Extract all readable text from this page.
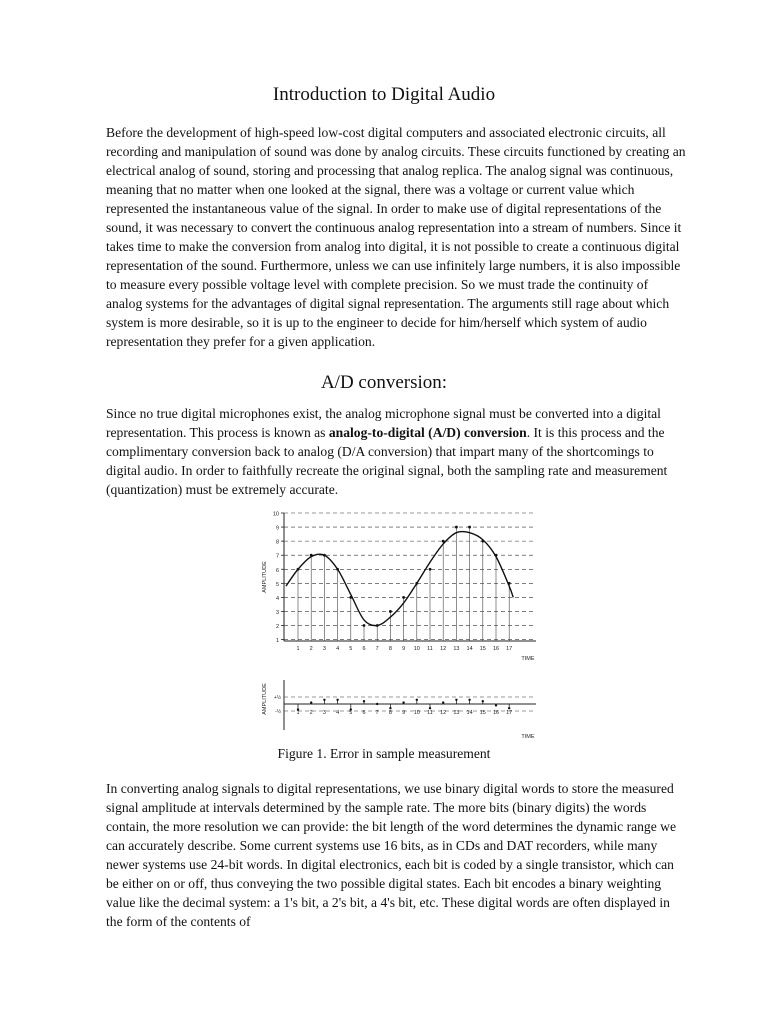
Introduction to Digital Audio

Before the development of high-speed low-cost digital computers and associated electronic circuits, all recording and manipulation of sound was done by analog circuits. These circuits functioned by creating an electrical analog of sound, storing and processing that analog replica. The analog signal was continuous, meaning that no matter when one looked at the signal, there was a voltage or current value which represented the instantaneous value of the signal. In order to make use of digital representations of the sound, it was necessary to convert the continuous analog representation into a stream of numbers. Since it takes time to make the conversion from analog into digital, it is not possible to create a continuous digital representation of the sound. Furthermore, unless we can use infinitely large numbers, it is also impossible to measure every possible voltage level with complete precision. So we must trade the continuity of analog systems for the advantages of digital signal representation. The arguments still rage about which system is more desirable, so it is up to the engineer to decide for him/herself which system of audio representation they prefer for a given application.

A/D conversion:

Since no true digital microphones exist, the analog microphone signal must be converted into a digital representation. This process is known as analog-to-digital (A/D) conversion. It is this process and the complimentary conversion back to analog (D/A conversion) that impart many of the shortcomings to digital audio. In order to faithfully recreate the original signal, both the sampling rate and measurement (quantization) must be extremely accurate.

1
2
3
4
5
6
7
8
9
10
AMPLITUDE
1 2 3 4 5 6 7 8 9 10 11 12 13 14 15 16 17
TIME
+½
-½
AMPLITUDE	1 2 3 4 5 6 7 8 9 10 11 12 13 14 15 16 17
TIME

Figure 1. Error in sample measurement

In converting analog signals to digital representations, we use binary digital words to store the measured signal amplitude at intervals determined by the sample rate. The more bits (binary digits) the words contain, the more resolution we can provide: the bit length of the word determines the dynamic range we can accurately describe. Some current systems use 16 bits, as in CDs and DAT recorders, while many newer systems use 24-bit words. In digital electronics, each bit is coded by a single transistor, which can be either on or off, thus conveying the two possible digital states. Each bit encodes a binary weighting value like the decimal system: a 1's bit, a 2's bit, a 4's bit, etc. These digital words are often displayed in the form of the contents of
